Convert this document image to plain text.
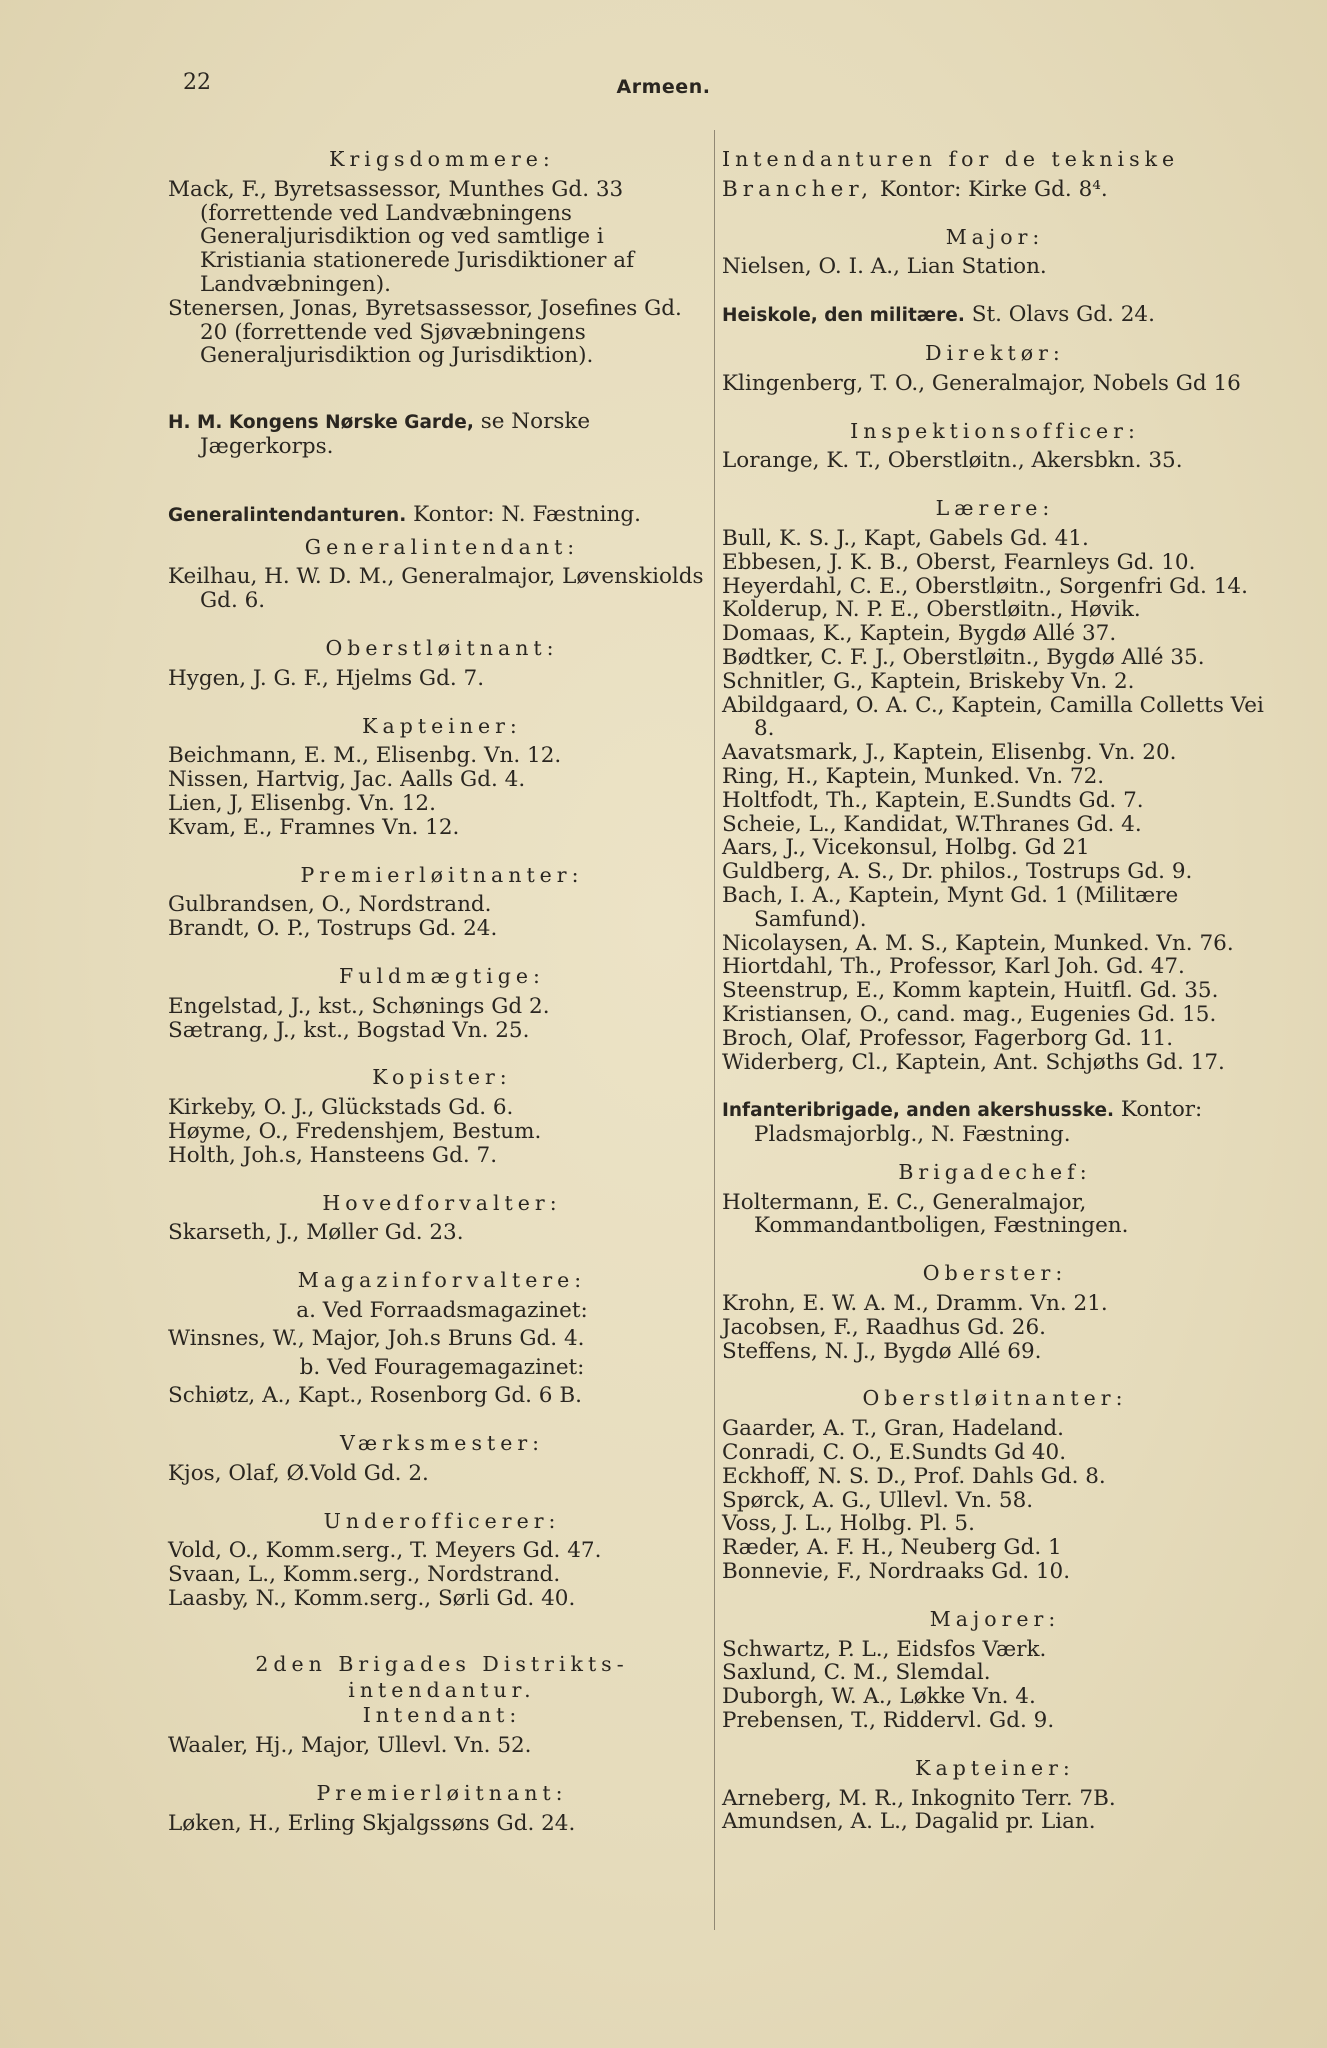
22	Armeen.
Krigsdommere:

Mack, F., Byretsassessor, Munthes Gd. 33 (forrettende ved Landvæbningens Generaljurisdiktion og ved samtlige i Kristiania stationerede Jurisdiktioner af Landvæbningen).

Stenersen, Jonas, Byretsassessor, Josefines Gd. 20 (forrettende ved Sjøvæbningens Generaljurisdiktion og Jurisdiktion).

H. M. Kongens Nørske Garde, se Norske Jægerkorps.

Generalintendanturen. Kontor: N. Fæstning.

Generalintendant:

Keilhau, H. W. D. M., Generalmajor, Løvenskiolds Gd. 6.

Oberstløitnant:

Hygen, J. G. F., Hjelms Gd. 7.

Kapteiner:

Beichmann, E. M., Elisenbg. Vn. 12.

Nissen, Hartvig, Jac. Aalls Gd. 4.

Lien, J, Elisenbg. Vn. 12.

Kvam, E., Framnes Vn. 12.

Premierløitnanter:

Gulbrandsen, O., Nordstrand.

Brandt, O. P., Tostrups Gd. 24.

Fuldmægtige:

Engelstad, J., kst., Schønings Gd 2.

Sætrang, J., kst., Bogstad Vn. 25.

Kopister:

Kirkeby, O. J., Glückstads Gd. 6.

Høyme, O., Fredenshjem, Bestum.

Holth, Joh.s, Hansteens Gd. 7.

Hovedforvalter:

Skarseth, J., Møller Gd. 23.

Magazinforvaltere:
a. Ved Forraadsmagazinet:

Winsnes, W., Major, Joh.s Bruns Gd. 4.

b. Ved Fouragemagazinet:

Schiøtz, A., Kapt., Rosenborg Gd. 6 B.

Værksmester:

Kjos, Olaf, Ø.Vold Gd. 2.

Underofficerer:

Vold, O., Komm.serg., T. Meyers Gd. 47.

Svaan, L., Komm.serg., Nordstrand.

Laasby, N., Komm.serg., Sørli Gd. 40.

2den Brigades Distrikts-
intendantur.
Intendant:

Waaler, Hj., Major, Ullevl. Vn. 52.

Premierløitnant:

Løken, H., Erling Skjalgssøns Gd. 24.

Intendanturen for de tekniske

Brancher, Kontor: Kirke Gd. 8⁴.

Major:

Nielsen, O. I. A., Lian Station.

Heiskole, den militære. St. Olavs Gd. 24.

Direktør:

Klingenberg, T. O., Generalmajor, Nobels Gd 16

Inspektionsofficer:

Lorange, K. T., Oberstløitn., Akersbkn. 35.

Lærere:

Bull, K. S. J., Kapt, Gabels Gd. 41.

Ebbesen, J. K. B., Oberst, Fearnleys Gd. 10.

Heyerdahl, C. E., Oberstløitn., Sorgenfri Gd. 14.

Kolderup, N. P. E., Oberstløitn., Høvik.

Domaas, K., Kaptein, Bygdø Allé 37.

Bødtker, C. F. J., Oberstløitn., Bygdø Allé 35.

Schnitler, G., Kaptein, Briskeby Vn. 2.

Abildgaard, O. A. C., Kaptein, Camilla Colletts Vei 8.

Aavatsmark, J., Kaptein, Elisenbg. Vn. 20.

Ring, H., Kaptein, Munked. Vn. 72.

Holtfodt, Th., Kaptein, E.Sundts Gd. 7.

Scheie, L., Kandidat, W.Thranes Gd. 4.

Aars, J., Vicekonsul, Holbg. Gd 21

Guldberg, A. S., Dr. philos., Tostrups Gd. 9.

Bach, I. A., Kaptein, Mynt Gd. 1 (Militære Samfund).

Nicolaysen, A. M. S., Kaptein, Munked. Vn. 76.

Hiortdahl, Th., Professor, Karl Joh. Gd. 47.

Steenstrup, E., Komm kaptein, Huitfl. Gd. 35.

Kristiansen, O., cand. mag., Eugenies Gd. 15.

Broch, Olaf, Professor, Fagerborg Gd. 11.

Widerberg, Cl., Kaptein, Ant. Schjøths Gd. 17.

Infanteribrigade, anden akershusske. Kontor: Pladsmajorblg., N. Fæstning.

Brigadechef:

Holtermann, E. C., Generalmajor, Kommandantboligen, Fæstningen.

Oberster:

Krohn, E. W. A. M., Dramm. Vn. 21.

Jacobsen, F., Raadhus Gd. 26.

Steffens, N. J., Bygdø Allé 69.

Oberstløitnanter:

Gaarder, A. T., Gran, Hadeland.

Conradi, C. O., E.Sundts Gd 40.

Eckhoff, N. S. D., Prof. Dahls Gd. 8.

Spørck, A. G., Ullevl. Vn. 58.

Voss, J. L., Holbg. Pl. 5.

Ræder, A. F. H., Neuberg Gd. 1

Bonnevie, F., Nordraaks Gd. 10.

Majorer:

Schwartz, P. L., Eidsfos Værk.

Saxlund, C. M., Slemdal.

Duborgh, W. A., Løkke Vn. 4.

Prebensen, T., Riddervl. Gd. 9.

Kapteiner:

Arneberg, M. R., Inkognito Terr. 7B.

Amundsen, A. L., Dagalid pr. Lian.
